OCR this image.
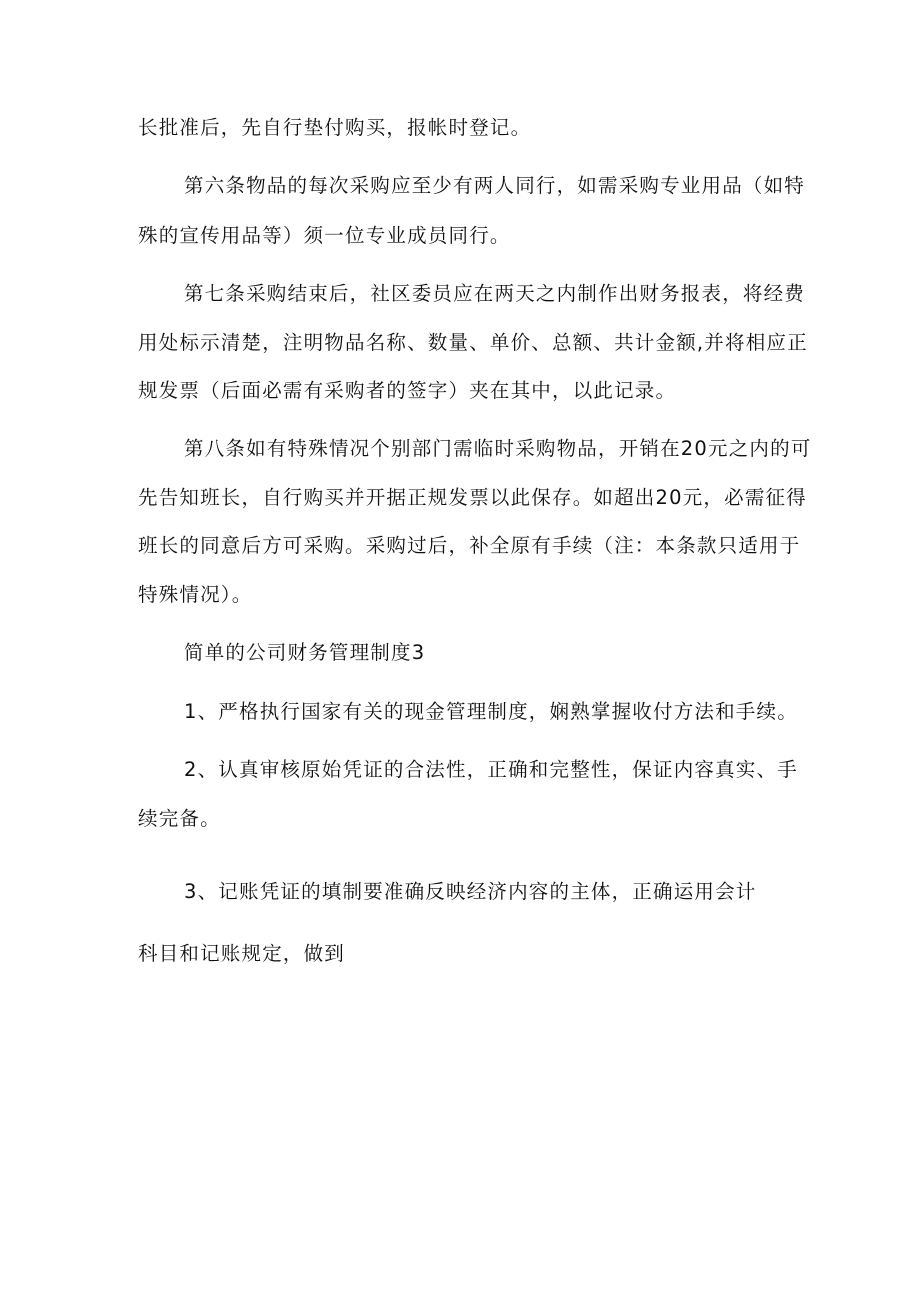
长批准后，先自行垫付购买，报帐时登记。
第六条物品的每次采购应至少有两人同行，如需采购专业用品（如特
殊的宣传用品等）须一位专业成员同行。
第七条采购结束后，社区委员应在两天之内制作出财务报表，将经费
用处标示清楚，注明物品名称、数量、单价、总额、共计金额,并将相应正
规发票（后面必需有采购者的签字）夹在其中，以此记录。
第八条如有特殊情况个别部门需临时采购物品，开销在20元之内的可
先告知班长，自行购买并开据正规发票以此保存。如超出20元，必需征得
班长的同意后方可采购。采购过后，补全原有手续（注：本条款只适用于
特殊情况）。
简单的公司财务管理制度3
1、严格执行国家有关的现金管理制度，娴熟掌握收付方法和手续。
2、认真审核原始凭证的合法性，正确和完整性，保证内容真实、手
续完备。
3、记账凭证的填制要准确反映经济内容的主体，正确运用会计
科目和记账规定，做到
